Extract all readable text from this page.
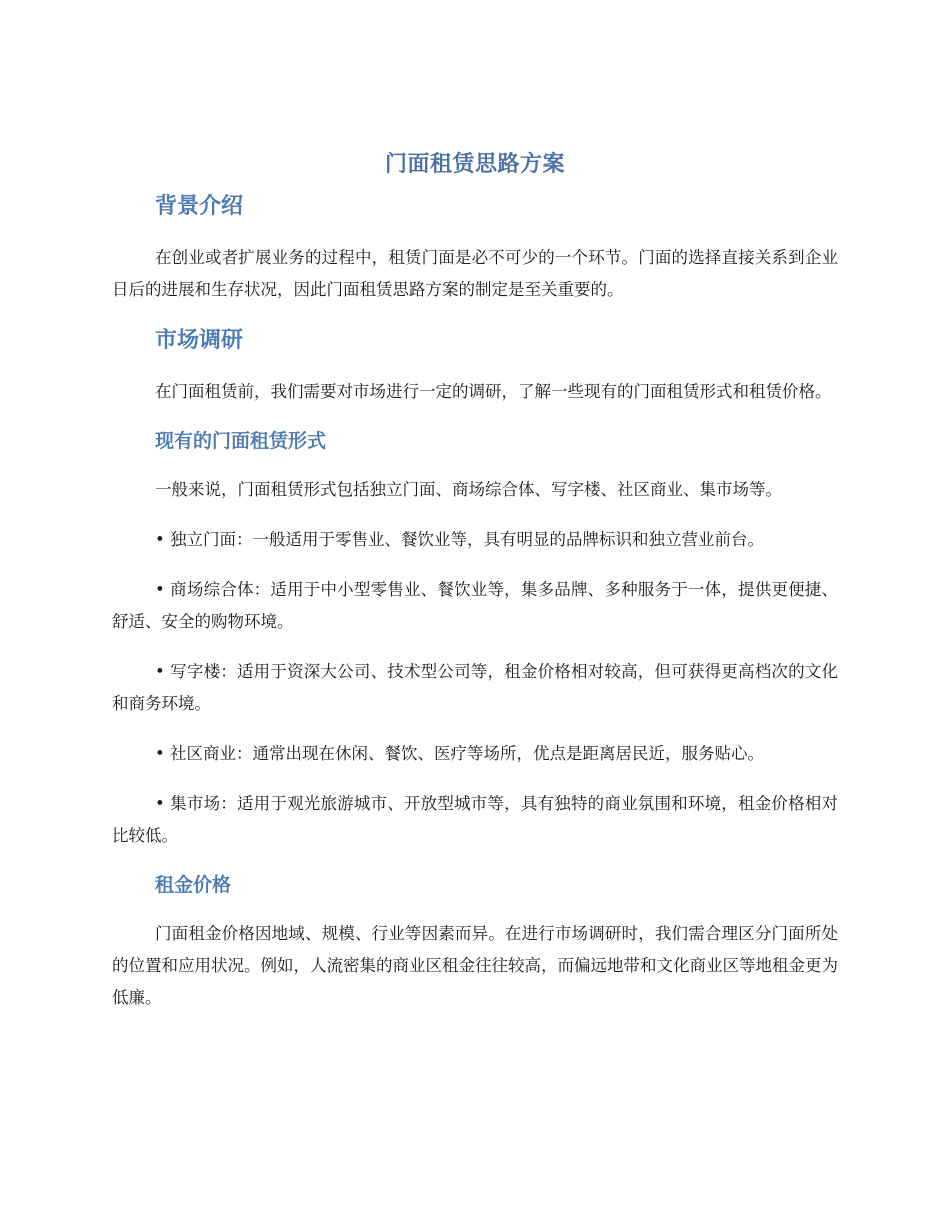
门面租赁思路方案
背景介绍

在创业或者扩展业务的过程中，租赁门面是必不可少的一个环节。门面的选择直接关系到企业日后的进展和生存状况，因此门面租赁思路方案的制定是至关重要的。

市场调研

在门面租赁前，我们需要对市场进行一定的调研，了解一些现有的门面租赁形式和租赁价格。

现有的门面租赁形式

一般来说，门面租赁形式包括独立门面、商场综合体、写字楼、社区商业、集市场等。

• 独立门面：一般适用于零售业、餐饮业等，具有明显的品牌标识和独立营业前台。

• 商场综合体：适用于中小型零售业、餐饮业等，集多品牌、多种服务于一体，提供更便捷、舒适、安全的购物环境。

• 写字楼：适用于资深大公司、技术型公司等，租金价格相对较高，但可获得更高档次的文化和商务环境。

• 社区商业：通常出现在休闲、餐饮、医疗等场所，优点是距离居民近，服务贴心。

• 集市场：适用于观光旅游城市、开放型城市等，具有独特的商业氛围和环境，租金价格相对比较低。

租金价格

门面租金价格因地域、规模、行业等因素而异。在进行市场调研时，我们需合理区分门面所处的位置和应用状况。例如，人流密集的商业区租金往往较高，而偏远地带和文化商业区等地租金更为低廉。
